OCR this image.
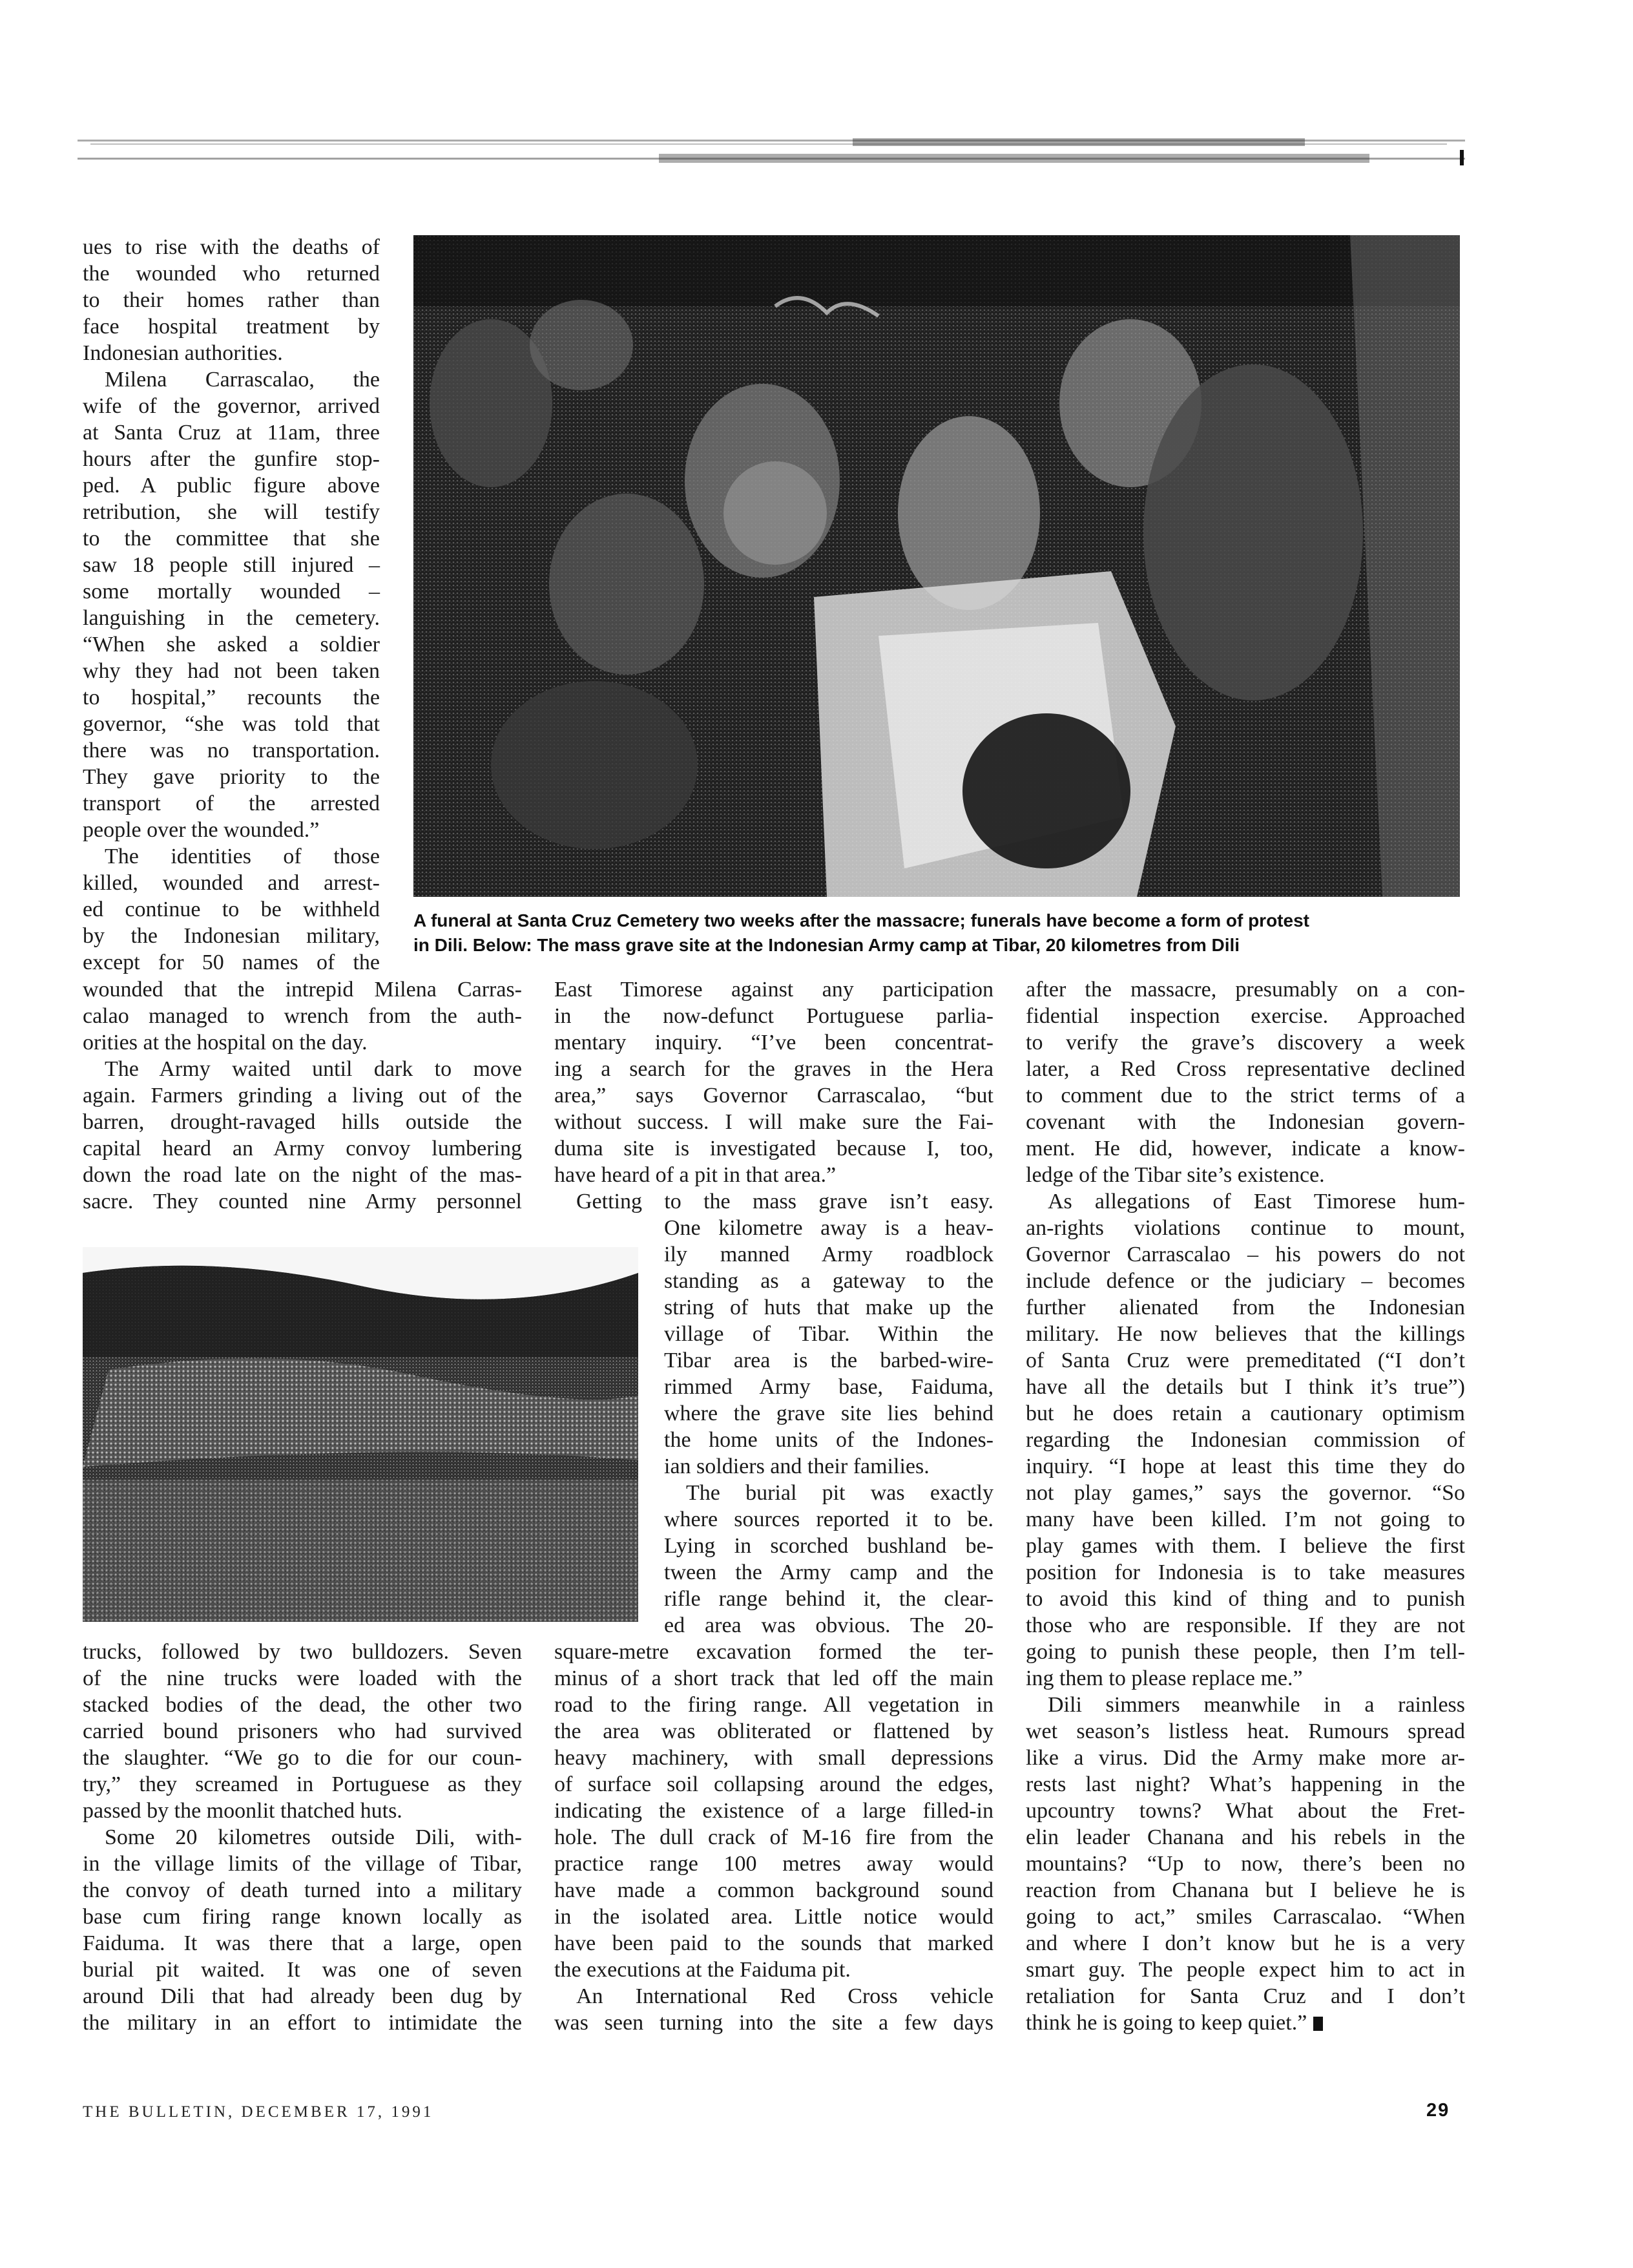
A funeral at Santa Cruz Cemetery two weeks after the massacre; funerals have become a form of protest
in Dili. Below: The mass grave site at the Indonesian Army camp at Tibar, 20 kilometres from Dili
ues to rise with the deaths of
the wounded who returned
to their homes rather than
face hospital treatment by
Indonesian authorities.
Milena Carrascalao, the
wife of the governor, arrived
at Santa Cruz at 11am, three
hours after the gunfire stop-
ped. A public figure above
retribution, she will testify
to the committee that she
saw 18 people still injured –
some mortally wounded –
languishing in the cemetery.
“When she asked a soldier
why they had not been taken
to hospital,” recounts the
governor, “she was told that
there was no transportation.
They gave priority to the
transport of the arrested
people over the wounded.”
The identities of those
killed, wounded and arrest-
ed continue to be withheld
by the Indonesian military,
except for 50 names of the
wounded that the intrepid Milena Carras-
calao managed to wrench from the auth-
orities at the hospital on the day.
The Army waited until dark to move
again. Farmers grinding a living out of the
barren, drought-ravaged hills outside the
capital heard an Army convoy lumbering
down the road late on the night of the mas-
sacre. They counted nine Army personnel
trucks, followed by two bulldozers. Seven
of the nine trucks were loaded with the
stacked bodies of the dead, the other two
carried bound prisoners who had survived
the slaughter. “We go to die for our coun-
try,” they screamed in Portuguese as they
passed by the moonlit thatched huts.
Some 20 kilometres outside Dili, with-
in the village limits of the village of Tibar,
the convoy of death turned into a military
base cum firing range known locally as
Faiduma. It was there that a large, open
burial pit waited. It was one of seven
around Dili that had already been dug by
the military in an effort to intimidate the
East Timorese against any participation
in the now-defunct Portuguese parlia-
mentary inquiry. “I’ve been concentrat-
ing a search for the graves in the Hera
area,” says Governor Carrascalao, “but
without success. I will make sure the Fai-
duma site is investigated because I, too,
have heard of a pit in that area.”
Getting to the mass grave isn’t easy.
One kilometre away is a heav-
ily manned Army roadblock
standing as a gateway to the
string of huts that make up the
village of Tibar. Within the
Tibar area is the barbed-wire-
rimmed Army base, Faiduma,
where the grave site lies behind
the home units of the Indones-
ian soldiers and their families.
The burial pit was exactly
where sources reported it to be.
Lying in scorched bushland be-
tween the Army camp and the
rifle range behind it, the clear-
ed area was obvious. The 20-
square-metre excavation formed the ter-
minus of a short track that led off the main
road to the firing range. All vegetation in
the area was obliterated or flattened by
heavy machinery, with small depressions
of surface soil collapsing around the edges,
indicating the existence of a large filled-in
hole. The dull crack of M-16 fire from the
practice range 100 metres away would
have made a common background sound
in the isolated area. Little notice would
have been paid to the sounds that marked
the executions at the Faiduma pit.
An International Red Cross vehicle
was seen turning into the site a few days
after the massacre, presumably on a con-
fidential inspection exercise. Approached
to verify the grave’s discovery a week
later, a Red Cross representative declined
to comment due to the strict terms of a
covenant with the Indonesian govern-
ment. He did, however, indicate a know-
ledge of the Tibar site’s existence.
As allegations of East Timorese hum-
an-rights violations continue to mount,
Governor Carrascalao – his powers do not
include defence or the judiciary – becomes
further alienated from the Indonesian
military. He now believes that the killings
of Santa Cruz were premeditated (“I don’t
have all the details but I think it’s true”)
but he does retain a cautionary optimism
regarding the Indonesian commission of
inquiry. “I hope at least this time they do
not play games,” says the governor. “So
many have been killed. I’m not going to
play games with them. I believe the first
position for Indonesia is to take measures
to avoid this kind of thing and to punish
those who are responsible. If they are not
going to punish these people, then I’m tell-
ing them to please replace me.”
Dili simmers meanwhile in a rainless
wet season’s listless heat. Rumours spread
like a virus. Did the Army make more ar-
rests last night? What’s happening in the
upcountry towns? What about the Fret-
elin leader Chanana and his rebels in the
mountains? “Up to now, there’s been no
reaction from Chanana but I believe he is
going to act,” smiles Carrascalao. “When
and where I don’t know but he is a very
smart guy. The people expect him to act in
retaliation for Santa Cruz and I don’t
think he is going to keep quiet.”
THE BULLETIN, DECEMBER 17, 1991	29
